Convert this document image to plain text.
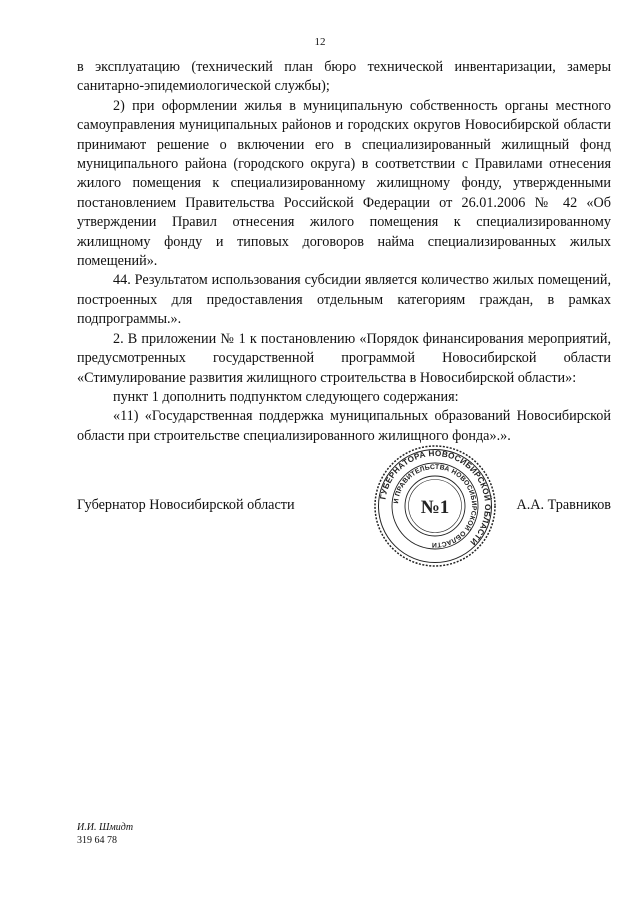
12

в эксплуатацию (технический план бюро технической инвентаризации, замеры санитарно-эпидемиологической службы);

2) при оформлении жилья в муниципальную собственность органы местного самоуправления муниципальных районов и городских округов Новосибирской области принимают решение о включении его в специализированный жилищный фонд муниципального района (городского округа) в соответствии с Правилами отнесения жилого помещения к специализированному жилищному фонду, утвержденными постановлением Правительства Российской Федерации от 26.01.2006 № 42 «Об утверждении Правил отнесения жилого помещения к специализированному жилищному фонду и типовых договоров найма специализированных жилых помещений».

44. Результатом использования субсидии является количество жилых помещений, построенных для предоставления отдельным категориям граждан, в рамках подпрограммы.».

2. В приложении № 1 к постановлению «Порядок финансирования мероприятий, предусмотренных государственной программой Новосибирской области «Стимулирование развития жилищного строительства в Новосибирской области»:

пункт 1 дополнить подпунктом следующего содержания:

«11) «Государственная поддержка муниципальных образований Новосибирской области при строительстве специализированного жилищного фонда».».

Губернатор Новосибирской области	А.А. Травников
ГУБЕРНАТОРА НОВОСИБИРСКОЙ ОБЛАСТИ
И ПРАВИТЕЛЬСТВА НОВОСИБИРСКОЙ ОБЛАСТИ
№1
И.И. Шмидт
319 64 78
